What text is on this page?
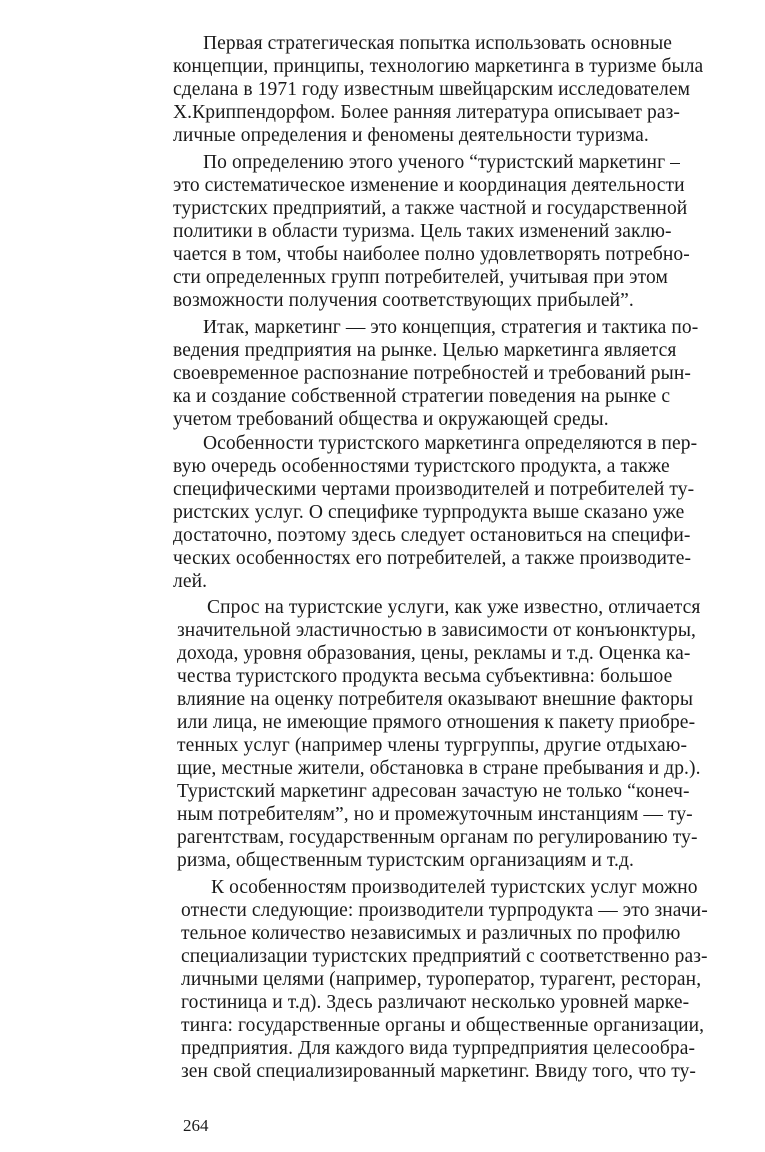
Первая стратегическая попытка использовать основные
концепции, принципы, технологию маркетинга в туризме была
сделана в 1971 году известным швейцарским исследователем
Х.Криппендорфом. Более ранняя литература описывает раз-
личные определения и феномены деятельности туризма.
По определению этого ученого “туристский маркетинг –
это систематическое изменение и координация деятельности
туристских предприятий, а также частной и государственной
политики в области туризма. Цель таких изменений заклю-
чается в том, чтобы наиболее полно удовлетворять потребно-
сти определенных групп потребителей, учитывая при этом
возможности получения соответствующих прибылей”.
Итак, маркетинг — это концепция, стратегия и тактика по-
ведения предприятия на рынке. Целью маркетинга является
своевременное распознание потребностей и требований рын-
ка и создание собственной стратегии поведения на рынке с
учетом требований общества и окружающей среды.
Особенности туристского маркетинга определяются в пер-
вую очередь особенностями туристского продукта, а также
специфическими чертами производителей и потребителей ту-
ристских услуг. О специфике турпродукта выше сказано уже
достаточно, поэтому здесь следует остановиться на специфи-
ческих особенностях его потребителей, а также производите-
лей.
Спрос на туристские услуги, как уже известно, отличается
значительной эластичностью в зависимости от конъюнктуры,
дохода, уровня образования, цены, рекламы и т.д. Оценка ка-
чества туристского продукта весьма субъективна: большое
влияние на оценку потребителя оказывают внешние факторы
или лица, не имеющие прямого отношения к пакету приобре-
тенных услуг (например члены тургруппы, другие отдыхаю-
щие, местные жители, обстановка в стране пребывания и др.).
Туристский маркетинг адресован зачастую не только “конеч-
ным потребителям”, но и промежуточным инстанциям — ту-
рагентствам, государственным органам по регулированию ту-
ризма, общественным туристским организациям и т.д.
К особенностям производителей туристских услуг можно
отнести следующие: производители турпродукта — это значи-
тельное количество независимых и различных по профилю
специализации туристских предприятий с соответственно раз-
личными целями (например, туроператор, турагент, ресторан,
гостиница и т.д). Здесь различают несколько уровней марке-
тинга: государственные органы и общественные организации,
предприятия. Для каждого вида турпредприятия целесообра-
зен свой специализированный маркетинг. Ввиду того, что ту-
264
